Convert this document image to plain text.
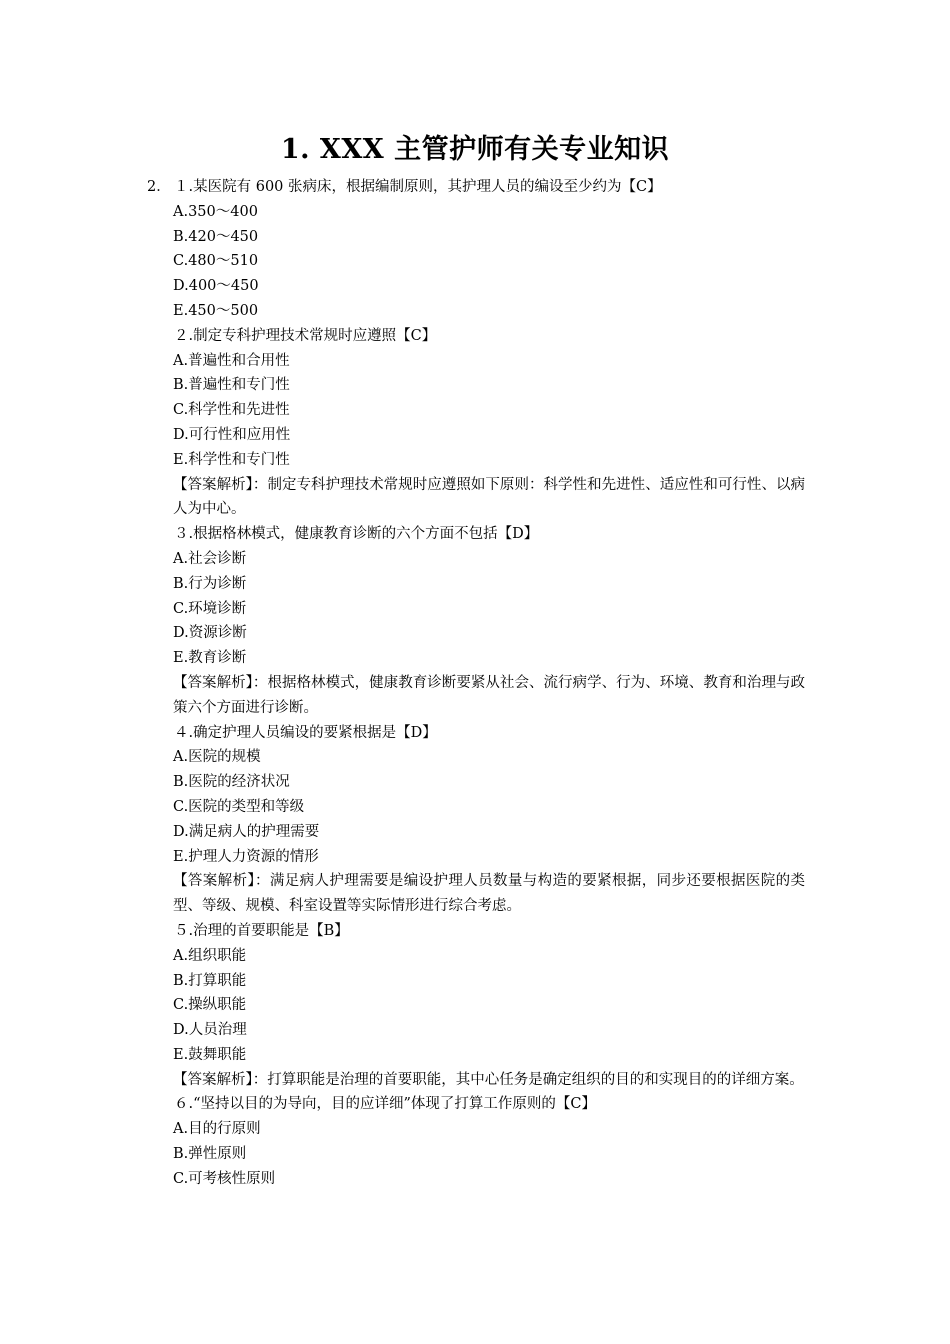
1. XXX 主管护师有关专业知识
2． １.某医院有 600 张病床，根据编制原则，其护理人员的编设至少约为【C】
A.350～400
B.420～450
C.480～510
D.400～450
E.450～500
２.制定专科护理技术常规时应遵照【C】
A.普遍性和合用性
B.普遍性和专门性
C.科学性和先进性
D.可行性和应用性
E.科学性和专门性
【答案解析】：制定专科护理技术常规时应遵照如下原则：科学性和先进性、适应性和可行性、以病人为中心。
３.根据格林模式，健康教育诊断的六个方面不包括【D】
A.社会诊断
B.行为诊断
C.环境诊断
D.资源诊断
E.教育诊断
【答案解析】：根据格林模式，健康教育诊断要紧从社会、流行病学、行为、环境、教育和治理与政策六个方面进行诊断。
４.确定护理人员编设的要紧根据是【D】
A.医院的规模
B.医院的经济状况
C.医院的类型和等级
D.满足病人的护理需要
E.护理人力资源的情形
【答案解析】：满足病人护理需要是编设护理人员数量与构造的要紧根据，同步还要根据医院的类型、等级、规模、科室设置等实际情形进行综合考虑。
５.治理的首要职能是【B】
A.组织职能
B.打算职能
C.操纵职能
D.人员治理
E.鼓舞职能
【答案解析】：打算职能是治理的首要职能，其中心任务是确定组织的目的和实现目的的详细方案。
６.“坚持以目的为导向，目的应详细”体现了打算工作原则的【C】
A.目的行原则
B.弹性原则
C.可考核性原则
